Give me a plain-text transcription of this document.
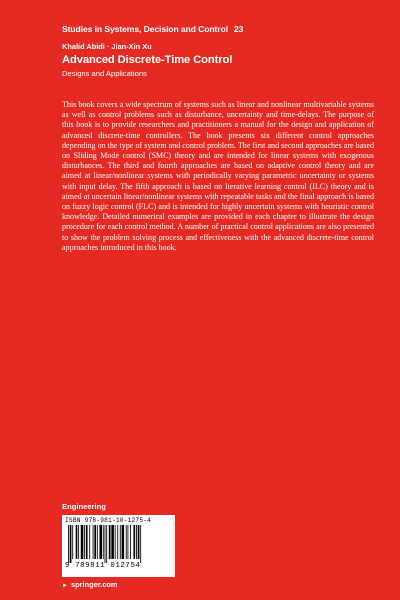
Studies in Systems, Decision and Control 23
Khalid Abidi · Jian-Xin Xu
Advanced Discrete-Time Control
Designs and Applications

This book covers a wide spectrum of systems such as linear and nonlinear multivariable systems as well as control problems such as disturbance, uncertainty and time-delays. The purpose of this book is to provide researchers and practitioners a manual for the design and application of advanced discrete-time controllers. The book presents six different control approaches depending on the type of system and control problem. The first and second approaches are based on Sliding Mode control (SMC) theory and are intended for linear systems with exogenous disturbances. The third and fourth approaches are based on adaptive control theory and are aimed at linear/nonlinear systems with periodically varying parametric uncertainty or systems with input delay. The fifth approach is based on Iterative learning control (ILC) theory and is aimed at uncertain linear/nonlinear systems with repeatable tasks and the final approach is based on fuzzy logic control (FLC) and is intended for highly uncertain systems with heuristic control knowledge. Detailed numerical examples are provided in each chapter to illustrate the design procedure for each control method. A number of practical control applications are also presented to show the problem solving process and effectiveness with the advanced discrete-time control approaches introduced in this book.

Engineering
ISBN 978-981-10-1275-4
9 789811 012754
► springer.com
